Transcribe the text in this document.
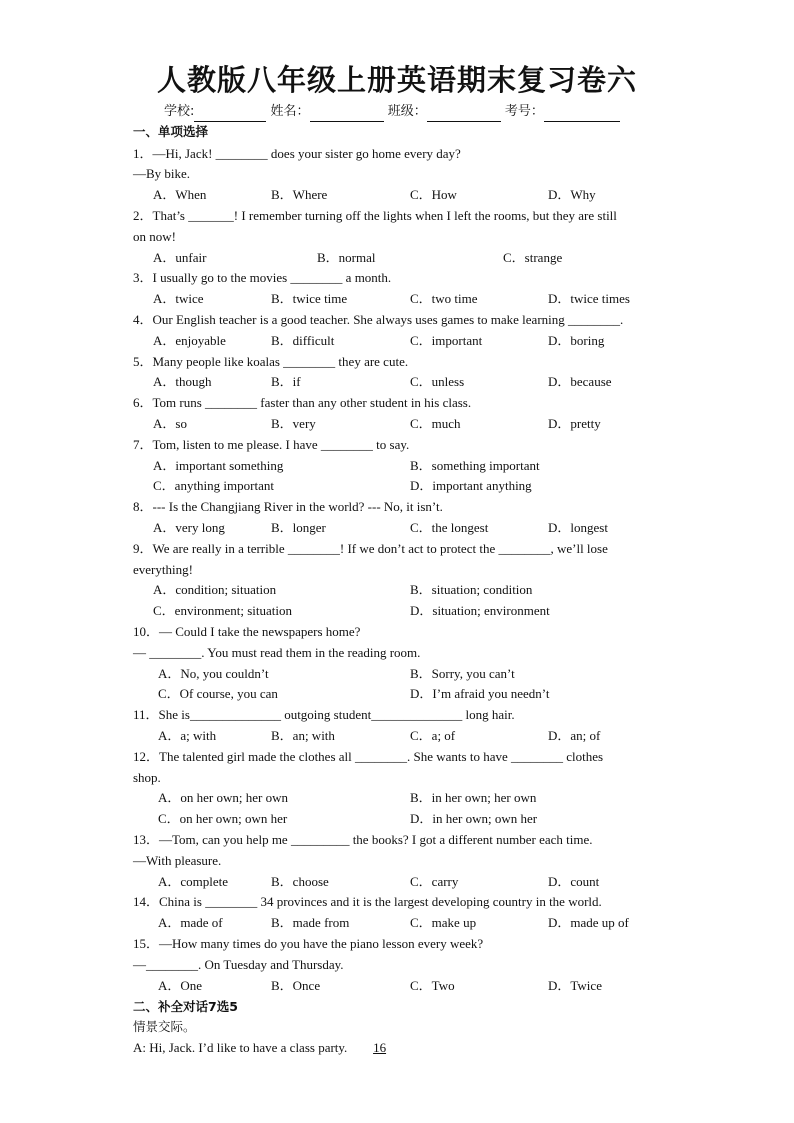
人教版八年级上册英语期末复习卷六
学校:	姓名：	班级：	考号：
一、单项选择
1．—Hi, Jack! ________ does your sister go home every day?
—By bike.
A．When	B．Where	C．How	D．Why
2．That’s _______! I remember turning off the lights when I left the rooms, but they are still
on now!
A．unfair	B．normal	C．strange
3．I usually go to the movies ________ a month.
A．twice	B．twice time	C．two time	D．twice times
4．Our English teacher is a good teacher. She always uses games to make learning ________.
A．enjoyable	B．difficult	C．important	D．boring
5．Many people like koalas ________ they are cute.
A．though	B．if	C．unless	D．because
6．Tom runs ________ faster than any other student in his class.
A．so	B．very	C．much	D．pretty
7．Tom, listen to me please. I have ________ to say.
A．important something	B．something important
C．anything important	D．important anything
8．--- Is the Changjiang River in the world? --- No, it isn’t.
A．very long	B．longer	C．the longest	D．longest
9．We are really in a terrible ________! If we don’t act to protect the ________, we’ll lose
everything!
A．condition; situation	B．situation; condition
C．environment; situation	D．situation; environment
10．— Could I take the newspapers home?
— ________. You must read them in the reading room.
A．No, you couldn’t	B．Sorry, you can’t
C．Of course, you can	D．I’m afraid you needn’t
11．She is______________ outgoing student______________ long hair.
A．a; with	B．an; with	C．a; of	D．an; of
12．The talented girl made the clothes all ________. She wants to have ________ clothes
shop.
A．on her own; her own	B．in her own; her own
C．on her own; own her	D．in her own; own her
13．—Tom, can you help me _________ the books? I got a different number each time.
—With pleasure.
A．complete	B．choose	C．carry	D．count
14．China is ________ 34 provinces and it is the largest developing country in the world.
A．made of	B．made from	C．make up	D．made up of
15．—How many times do you have the piano lesson every week?
—________. On Tuesday and Thursday.
A．One	B．Once	C．Two	D．Twice
二、补全对话7选5
情景交际。
A: Hi, Jack. I’d like to have a class party. 16
